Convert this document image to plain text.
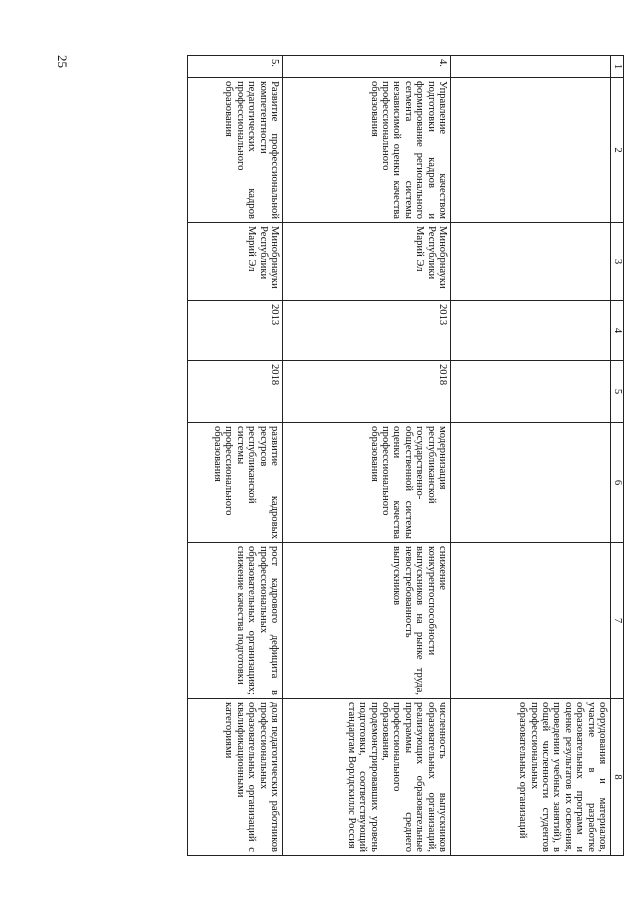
25	1	2	3	4	5	6	7	8
							оборудования и материалов, участие в разработке образовательных программ и оценке результатов их освоения, проведении учебных занятий), в общей численности студентов профессиональных образовательных организаций
4.	Управление качеством подготовки кадров и формирование регионального сегмента системы независимой оценки качества профессионального образования	Минобрнауки Республики Марий Эл	2013	2018	модернизация республиканской государственно-общественной системы оценки качества профессионального образования	снижение конкурентоспособности выпускников на рынке труда, невостребованность выпускников	численность выпускников образовательных организаций, реализующих образовательные программы среднего профессионального образования, продемонстрировавших уровень подготовки, соответствующий стандартам Ворлдскиллс Россия
5.	Развитие профессиональной компетентности педагогических кадров профессионального образования	Минобрнауки Республики Марий Эл	2013	2018	развитие кадровых ресурсов республиканской системы профессионального образования	рост кадрового дефицита в профессиональных образовательных организациях; снижение качества подготовки	доля педагогических работников профессиональных образовательных организаций с квалификационными категориями
